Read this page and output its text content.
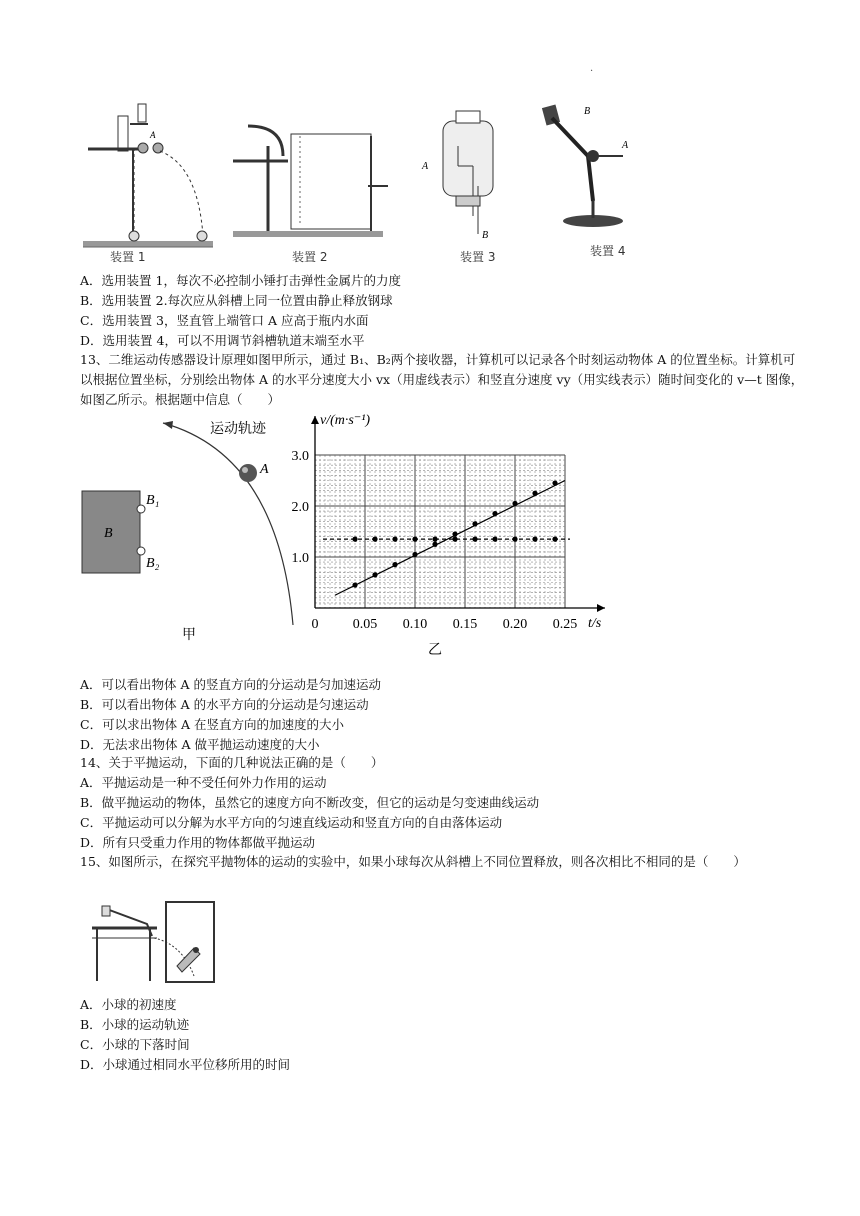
·
A
A
B
B
A
装置 1	装置 2	装置 3	装置 4
A．选用装置 1，每次不必控制小锤打击弹性金属片的力度
B．选用装置 2.每次应从斜槽上同一位置由静止释放钢球
C．选用装置 3，竖直管上端管口 A 应高于瓶内水面
D．选用装置 4，可以不用调节斜槽轨道末端至水平
13、二维运动传感器设计原理如图甲所示，通过 B₁、B₂两个接收器，计算机可以记录各个时刻运动物体 A 的位置坐标。计算机可以根据位置坐标，分别绘出物体 A 的水平分速度大小 vx（用虚线表示）和竖直分速度 vy（用实线表示）随时间变化的 v—t 图像，如图乙所示。根据题中信息（　　）
运动轨迹
A
B
B₁
B₂
甲
0 0.05 0.10 0.15 0.20 0.25
1.0
2.0
3.0
v/(m·s⁻¹)
t/s
乙
A．可以看出物体 A 的竖直方向的分运动是匀加速运动
B．可以看出物体 A 的水平方向的分运动是匀速运动
C．可以求出物体 A 在竖直方向的加速度的大小
D．无法求出物体 A 做平抛运动速度的大小
14、关于平抛运动，下面的几种说法正确的是（　　）
A．平抛运动是一种不受任何外力作用的运动
B．做平抛运动的物体，虽然它的速度方向不断改变，但它的运动是匀变速曲线运动
C．平抛运动可以分解为水平方向的匀速直线运动和竖直方向的自由落体运动
D．所有只受重力作用的物体都做平抛运动
15、如图所示，在探究平抛物体的运动的实验中，如果小球每次从斜槽上不同位置释放，则各次相比不相同的是（　　）
A．小球的初速度
B．小球的运动轨迹
C．小球的下落时间
D．小球通过相同水平位移所用的时间
